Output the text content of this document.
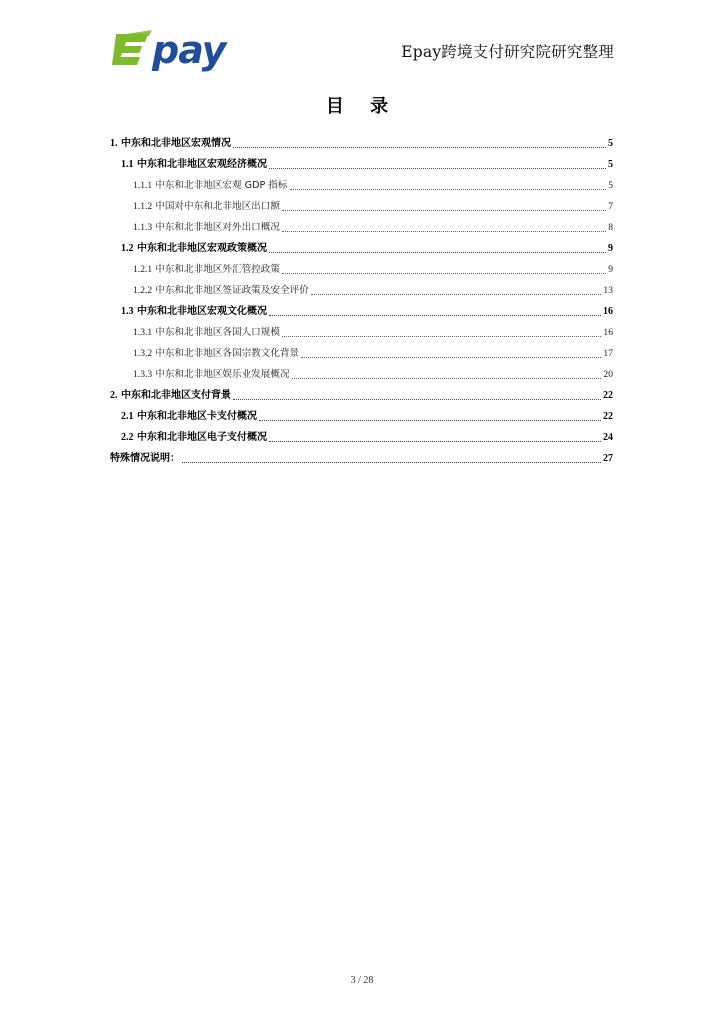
pay	Epay跨境支付研究院研究整理
目 录
1. 中东和北非地区宏观情况	5
1.1 中东和北非地区宏观经济概况	5
1.1.1 中东和北非地区宏观 GDP 指标	5
1.1.2 中国对中东和北非地区出口额	7
1.1.3 中东和北非地区对外出口概况	8
1.2 中东和北非地区宏观政策概况	9
1.2.1 中东和北非地区外汇管控政策	9
1.2.2 中东和北非地区签证政策及安全评价	13
1.3 中东和北非地区宏观文化概况	16
1.3.1 中东和北非地区各国人口规模	16
1.3.2 中东和北非地区各国宗教文化背景	17
1.3.3 中东和北非地区娱乐业发展概况	20
2. 中东和北非地区支付背景	22
2.1 中东和北非地区卡支付概况	22
2.2 中东和北非地区电子支付概况	24
特殊情况说明：	27
3 / 28
